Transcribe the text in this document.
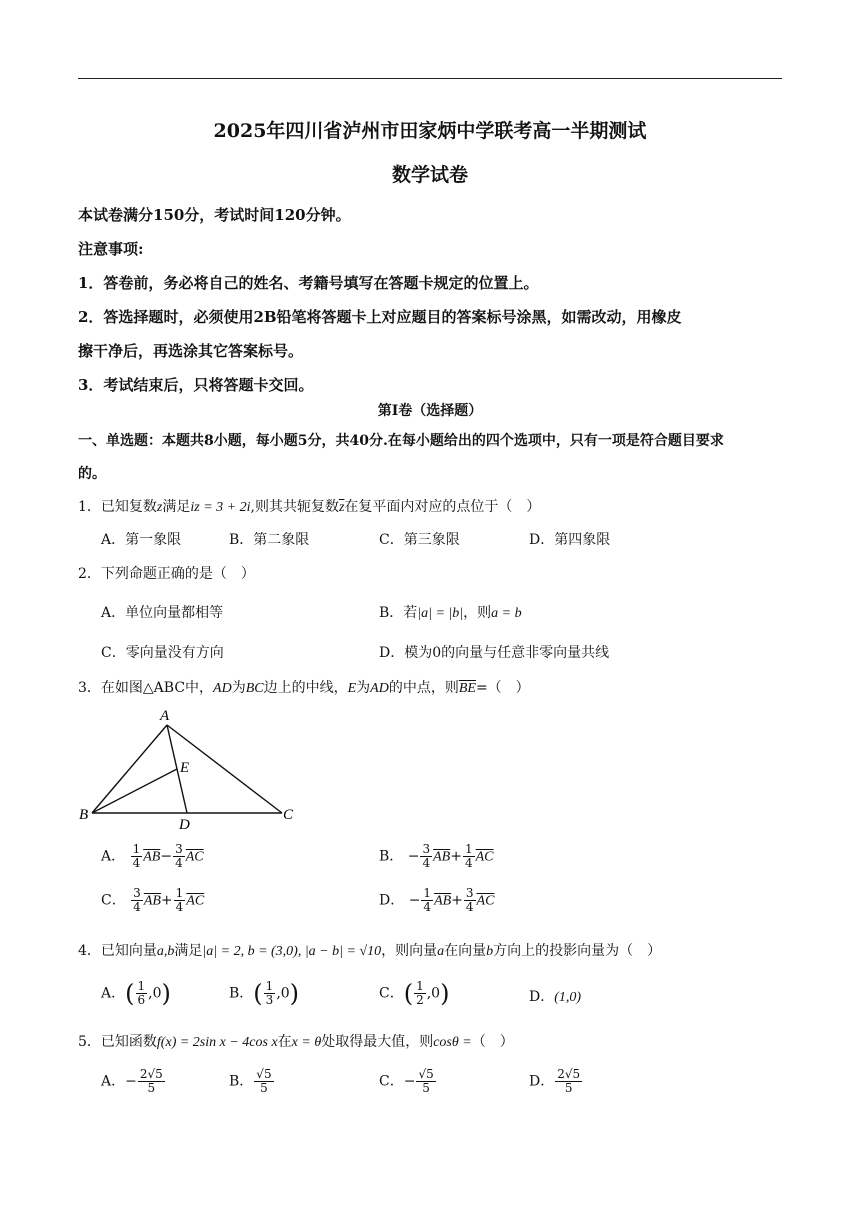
2025年四川省泸州市田家炳中学联考高一半期测试
数学试卷
本试卷满分150分，考试时间120分钟。
注意事项:
1．答卷前，务必将自己的姓名、考籍号填写在答题卡规定的位置上。
2．答选择题时，必须使用2B铅笔将答题卡上对应题目的答案标号涂黑，如需改动，用橡皮
擦干净后，再选涂其它答案标号。
3．考试结束后，只将答题卡交回。
第Ⅰ卷（选择题）
一、单选题：本题共8小题，每小题5分，共40分.在每小题给出的四个选项中，只有一项是符合题目要求
的。
1．已知复数z满足iz = 3 + 2i,则其共轭复数$\overline{z}$在复平面内对应的点位于（　）
A．第一象限	B．第二象限	C．第三象限	D．第四象限
2．下列命题正确的是（　）
A．单位向量都相等	B．若|a| = |b|，则a = b
C．零向量没有方向	D．模为0的向量与任意非零向量共线
3．在如图△ABC中，AD为BC边上的中线，E为AD的中点，则$\overline{BE}=$（　）
A
B	C
D
E
A． $\frac{1}{4} \overline{AB}- \frac{3}{4} \overline{AC}$	B． − $\frac{3}{4} \overline{AB}+ \frac{1}{4} \overline{AC}$
C． $\frac{3}{4} \overline{AB}+ \frac{1}{4} \overline{AC}$	D． − $\frac{1}{4} \overline{AB}+ \frac{3}{4} \overline{AC}$
4．已知向量a,b满足|a| = 2, b = (3,0), |a − b| = √10，则向量a在向量b方向上的投影向量为（　）
A．( $\frac{1}{6} ,0$)	B．( $\frac{1}{3} ,0$)	C．( $\frac{1}{2} ,0$)	D．(1,0)
5．已知函数f(x) = 2sin x − 4cos x在x = θ处取得最大值，则cosθ =（　）
A．− $\frac{2√5}{5}$	B． $\frac{√5}{5}$	C．− $\frac{√5}{5}$	D． $\frac{2√5}{5}$
